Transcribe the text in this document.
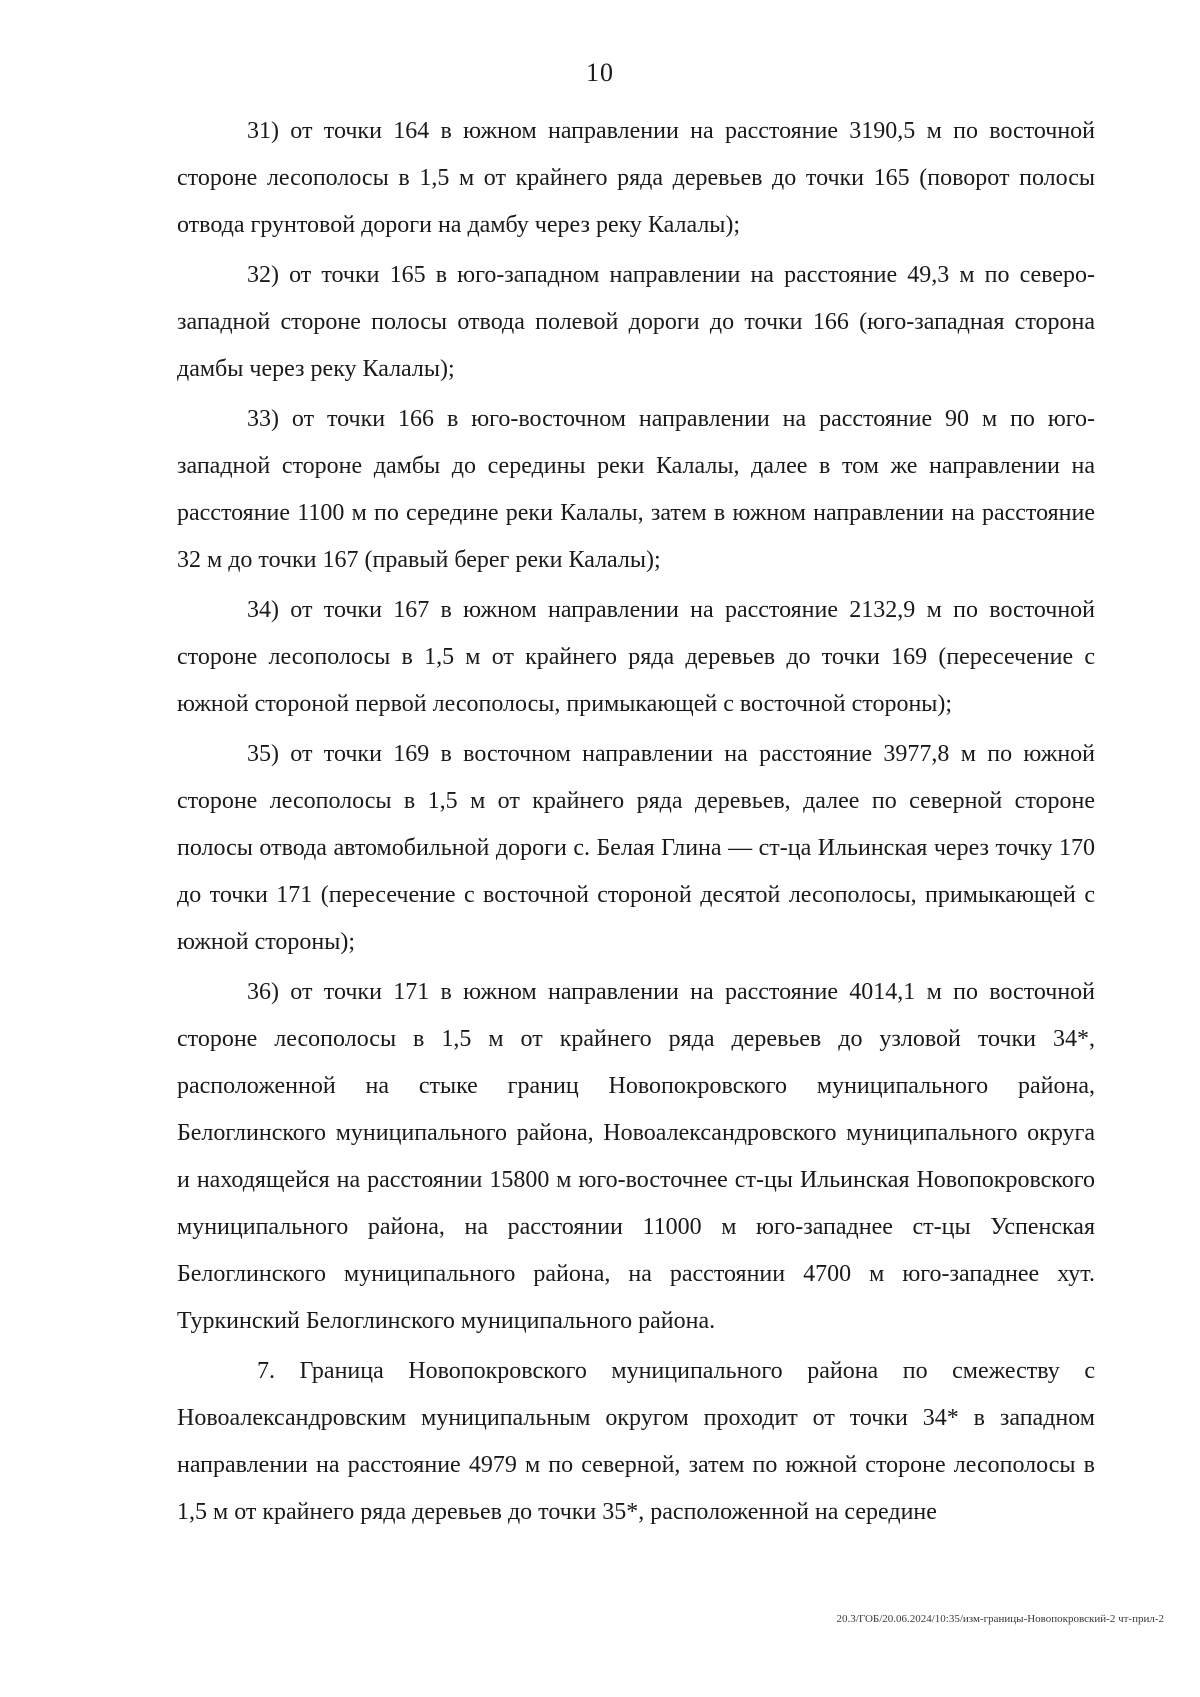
10

31) от точки 164 в южном направлении на расстояние 3190,5 м по восточной стороне лесополосы в 1,5 м от крайнего ряда деревьев до точки 165 (поворот полосы отвода грунтовой дороги на дамбу через реку Калалы);

32) от точки 165 в юго-западном направлении на расстояние 49,3 м по северо-западной стороне полосы отвода полевой дороги до точки 166 (юго-западная сторона дамбы через реку Калалы);

33) от точки 166 в юго-восточном направлении на расстояние 90 м по юго-западной стороне дамбы до середины реки Калалы, далее в том же направлении на расстояние 1100 м по середине реки Калалы, затем в южном направлении на расстояние 32 м до точки 167 (правый берег реки Калалы);

34) от точки 167 в южном направлении на расстояние 2132,9 м по восточной стороне лесополосы в 1,5 м от крайнего ряда деревьев до точки 169 (пересечение с южной стороной первой лесополосы, примыкающей с восточной стороны);

35) от точки 169 в восточном направлении на расстояние 3977,8 м по южной стороне лесополосы в 1,5 м от крайнего ряда деревьев, далее по северной стороне полосы отвода автомобильной дороги с. Белая Глина — ст-ца Ильинская через точку 170 до точки 171 (пересечение с восточной стороной десятой лесополосы, примыкающей с южной стороны);

36) от точки 171 в южном направлении на расстояние 4014,1 м по восточной стороне лесополосы в 1,5 м от крайнего ряда деревьев до узловой точки 34*, расположенной на стыке границ Новопокровского муниципального района, Белоглинского муниципального района, Новоалександровского муниципального округа и находящейся на расстоянии 15800 м юго-восточнее ст-цы Ильинская Новопокровского муниципального района, на расстоянии 11000 м юго-западнее ст-цы Успенская Белоглинского муниципального района, на расстоянии 4700 м юго-западнее хут. Туркинский Белоглинского муниципального района.

7. Граница Новопокровского муниципального района по смежеству с Новоалександровским муниципальным округом проходит от точки 34* в западном направлении на расстояние 4979 м по северной, затем по южной стороне лесополосы в 1,5 м от крайнего ряда деревьев до точки 35*, расположенной на середине

20.3/ГОБ/20.06.2024/10:35/изм-границы-Новопокровский-2 чт-прил-2
